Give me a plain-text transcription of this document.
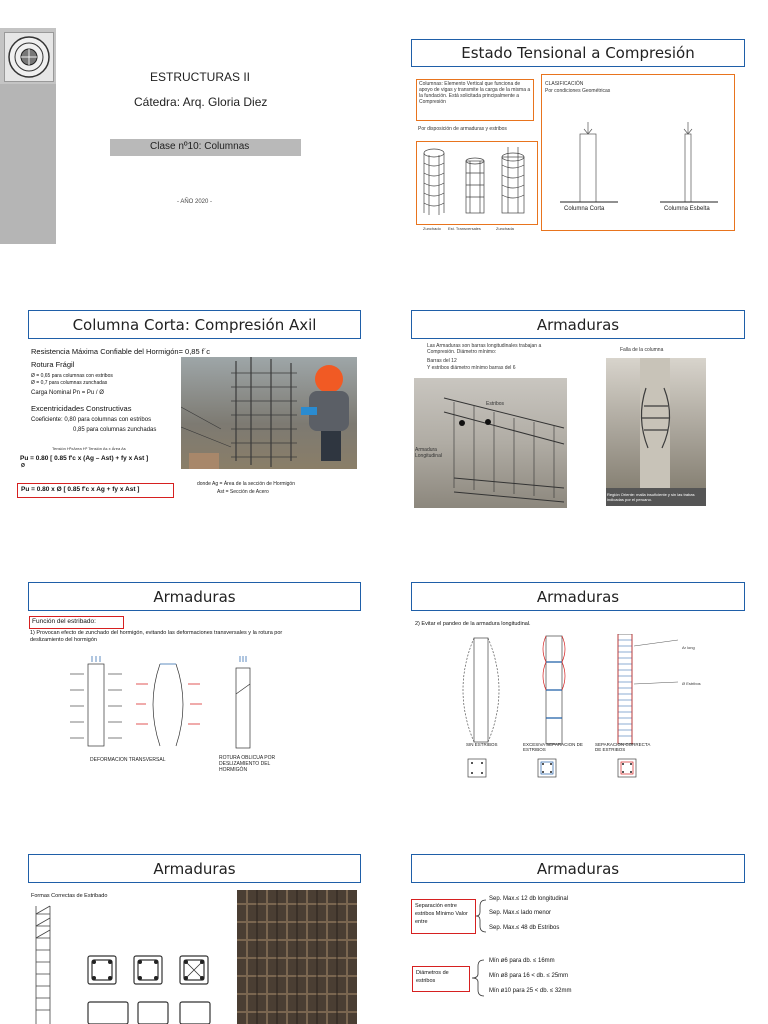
ESTRUCTURAS II
Cátedra: Arq. Gloria Diez
Clase nº10: Columnas
- AÑO 2020 -
Estado Tensional a Compresión
Columnas: Elemento Vertical que funciona de apoyo de vigas y transmite la carga de la misma a la fundación. Está solicitada principalmente a Compresión
Por disposición de armaduras y estribos
Zunchado Est. Transversales	Zunchada
CLASIFICACIÓN
Por condiciones Geométricas
Columna Corta	Columna Esbelta
Columna Corta: Compresión Axil
Resistencia Máxima Confiable del Hormigón= 0,85 f´c
Rotura Frágil
Ø = 0,65 para columnas con estribos
Ø = 0,7 para columnas zunchadas
Carga Nominal Pn = Pu / Ø
Excentricidades Constructivas
Coeficiente: 0,80 para columnas con estribos
0,85 para columnas zunchadas
Tensión HºxArea Hº Tensión As x Área As
Pu = 0.80 [ 0.85 f'c x (Ag – Ast) + fy x Ast ]
Ø
Pu = 0.80 x Ø [ 0.85 f'c x Ag + fy x Ast ]
donde Ag = Área de la sección de Hormigón
Ast = Sección de Acero
Armaduras
Las Armaduras son barras longitudinales trabajan a Compresión. Diámetro mínimo:
Barras del 12
Y estribos diámetro mínimo barras del 6
Falla de la columna
Estribos
Armadura Longitudinal
Región Oriente: malla insuficiente y sin las trabas indicadas por el peruano.
Armaduras
Función del estribado:
1) Provocan efecto de zunchado del hormigón, evitando las deformaciones transversales y la rotura por deslizamiento del hormigón
DEFORMACION TRANSVERSAL	ROTURA OBLICUA POR DESLIZAMIENTO DEL HORMIGÓN
Armaduras
2) Evitar el pandeo de la armadura longitudinal.
Ar long
Ø Estribos
SIN ESTRIBOS	EXCESIVA SEPARACION DE ESTRIBOS
SEPARACION CORRECTA DE ESTRIBOS
Armaduras
Formas Correctas de Estribado
Armaduras
Separación entre estribos Mínimo Valor entre
Sep. Max.≤ 12 db longitudinal
Sep. Max.≤ lado menor
Sep. Max.≤ 48 db Estribos
Diámetros de estribos
Mín ø6 para db. ≤ 16mm
Mín ø8 para 16 < db. ≤ 25mm
Mín ø10 para 25 < db. ≤ 32mm
